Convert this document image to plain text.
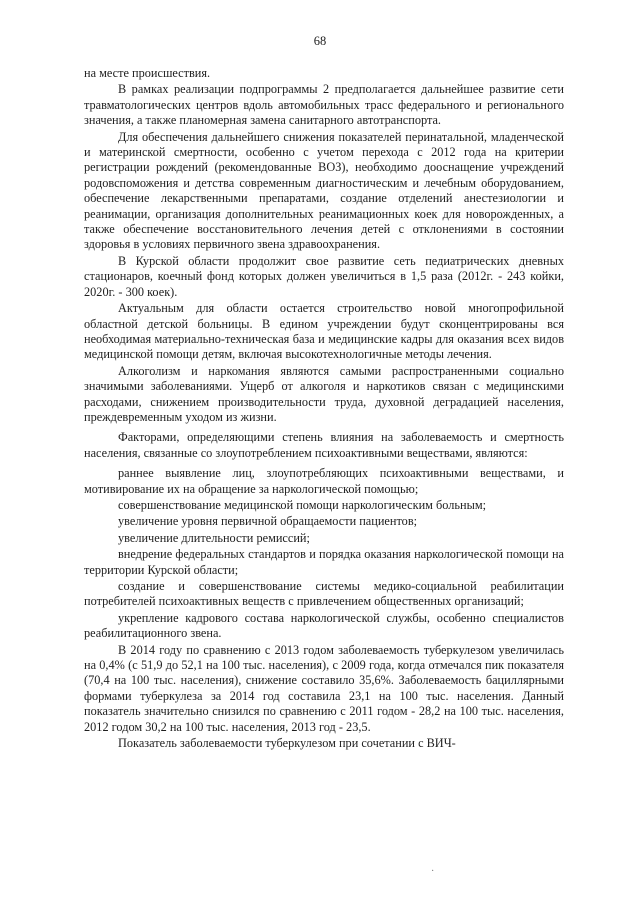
68

на месте происшествия.

В рамках реализации подпрограммы 2 предполагается дальнейшее развитие сети травматологических центров вдоль автомобильных трасс федерального и регионального значения, а также планомерная замена санитарного автотранспорта.

Для обеспечения дальнейшего снижения показателей перинатальной, младенческой и материнской смертности, особенно с учетом перехода с 2012 года на критерии регистрации рождений (рекомендованные ВОЗ), необходимо дооснащение учреждений родовспоможения и детства современным диагностическим и лечебным оборудованием, обеспечение лекарственными препаратами, создание отделений анестезиологии и реанимации, организация дополнительных реанимационных коек для новорожденных, а также обеспечение восстановительного лечения детей с отклонениями в состоянии здоровья в условиях первичного звена здравоохранения.

В Курской области продолжит свое развитие сеть педиатрических дневных стационаров, коечный фонд которых должен увеличиться в 1,5 раза (2012г. - 243 койки, 2020г. - 300 коек).

Актуальным для области остается строительство новой многопрофильной областной детской больницы. В едином учреждении будут сконцентрированы вся необходимая материально-техническая база и медицинские кадры для оказания всех видов медицинской помощи детям, включая высокотехнологичные методы лечения.

Алкоголизм и наркомания являются самыми распространенными социально значимыми заболеваниями. Ущерб от алкоголя и наркотиков связан с медицинскими расходами, снижением производительности труда, духовной деградацией населения, преждевременным уходом из жизни.

Факторами, определяющими степень влияния на заболеваемость и смертность населения, связанные со злоупотреблением психоактивными веществами, являются:

раннее выявление лиц, злоупотребляющих психоактивными веществами, и мотивирование их на обращение за наркологической помощью;

совершенствование медицинской помощи наркологическим больным;

увеличение уровня первичной обращаемости пациентов;

увеличение длительности ремиссий;

внедрение федеральных стандартов и порядка оказания наркологической помощи на территории Курской области;

создание и совершенствование системы медико-социальной реабилитации потребителей психоактивных веществ с привлечением общественных организаций;

укрепление кадрового состава наркологической службы, особенно специалистов реабилитационного звена.

В 2014 году по сравнению с 2013 годом заболеваемость туберкулезом увеличилась на 0,4% (с 51,9 до 52,1 на 100 тыс. населения), с 2009 года, когда отмечался пик показателя (70,4 на 100 тыс. населения), снижение составило 35,6%. Заболеваемость бациллярными формами туберкулеза за 2014 год составила 23,1 на 100 тыс. населения. Данный показатель значительно снизился по сравнению с 2011 годом - 28,2 на 100 тыс. населения, 2012 годом 30,2 на 100 тыс. населения, 2013 год - 23,5.

Показатель заболеваемости туберкулезом при сочетании с ВИЧ-

·
